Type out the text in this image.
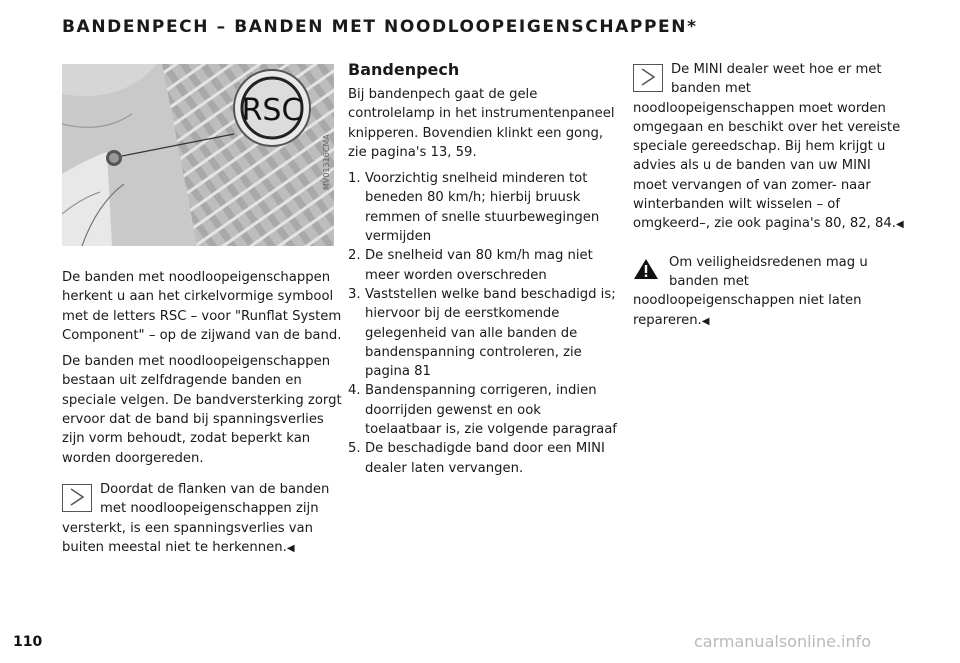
BANDENPECH – BANDEN MET NOODLOOPEIGENSCHAPPEN*
RSC
MV01316CMA

De banden met noodloopeigenschappen herkent u aan het cirkelvormige symbool met de letters RSC – voor "Runflat System Component" – op de zijwand van de band.

De banden met noodloopeigenschappen bestaan uit zelfdragende banden en speciale velgen. De bandversterking zorgt ervoor dat de band bij spanningsverlies zijn vorm behoudt, zodat beperkt kan worden doorgereden.

Doordat de flanken van de banden met noodloopeigenschappen zijn versterkt, is een spanningsverlies van buiten meestal niet te herkennen.◀
Bandenpech

Bij bandenpech gaat de gele controlelamp in het instrumentenpaneel knipperen. Bovendien klinkt een gong, zie pagina's 13, 59.

1. Voorzichtig snelheid minderen tot beneden 80 km/h; hierbij bruusk remmen of snelle stuurbewegingen vermijden
2. De snelheid van 80 km/h mag niet meer worden overschreden
3. Vaststellen welke band beschadigd is; hiervoor bij de eerstkomende gelegenheid van alle banden de bandenspanning controleren, zie pagina 81
4. Bandenspanning corrigeren, indien doorrijden gewenst en ook toelaatbaar is, zie volgende paragraaf
5. De beschadigde band door een MINI dealer laten vervangen.
De MINI dealer weet hoe er met banden met noodloopeigenschappen moet worden omgegaan en beschikt over het vereiste speciale gereedschap. Bij hem krijgt u advies als u de banden van uw MINI moet vervangen of van zomer- naar winterbanden wilt wisselen – of omgkeerd–, zie ook pagina's 80, 82, 84.◀
Om veiligheidsredenen mag u banden met noodloopeigenschappen niet laten repareren.◀
110	carmanualsonline.info
